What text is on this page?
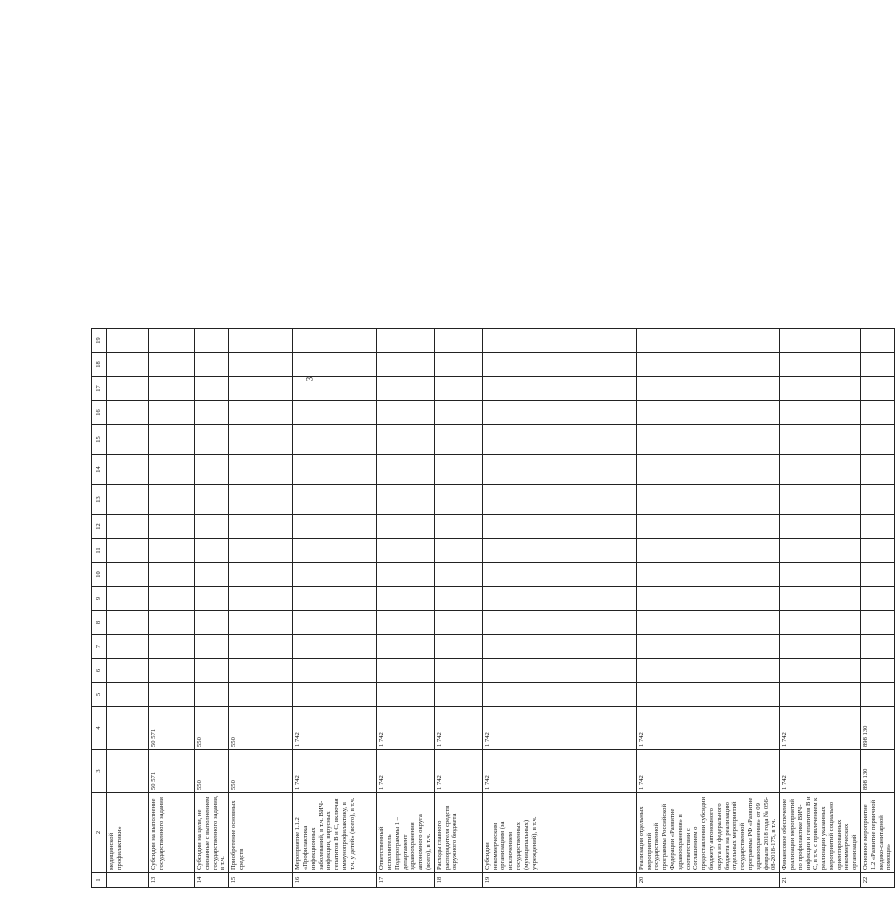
1	2	3	4	5	6	7	8	9	10	11	12	13	14	15	16	17	18	19
	медицинской профилактики»																	
13	Субсидии на выполнение государственного задания	50 571	50 571															
14	Субсидии на цели, не связанные с выполнением государственного задания, в т.ч.	550	550															
15	Приобретение основных средств	550	550															
16	Мероприятие 1.1.2 «Профилактика инфекционных заболеваний, в т.ч. ВИЧ-инфекции, вирусных гепатитов В и С, включая иммунопрофилактику, в т.ч. у детей» (всего), в т.ч.	1 742	1 742															
17	Ответственный исполнитель Подпрограммы 1 – департамент здравоохранения автономного округа (всего), в т.ч.	1 742	1 742															
18	Расходы главного распорядителя средств окружного бюджета	1 742	1 742															
19	Субсидии некоммерческим организациям (за исключением государственных (муниципальных) учреждений), в т.ч.	1 742	1 742															
20	Реализация отдельных мероприятий государственной программы Российской Федерации «Развитие здравоохранения» в соответствии с Соглашением о предоставлении субсидии бюджету автономного округа из федерального бюджета на реализацию отдельных мероприятий государственной программы РФ «Развитие здравоохранения» от 09 февраля 2018 года № 056-08-2018-175, в т.ч.	1 742	1 742															
21	Финансовое обеспечение реализации мероприятий по профилактике ВИЧ-инфекции и гепатитов В и С, в т.ч. с привлечением к реализации указанных мероприятий социально ориентированных некоммерческих организаций	1 742	1 742															
22	Основное мероприятие 1.2 «Развитие первичной медико-санитарной помощи»	898 130	898 130															
3
